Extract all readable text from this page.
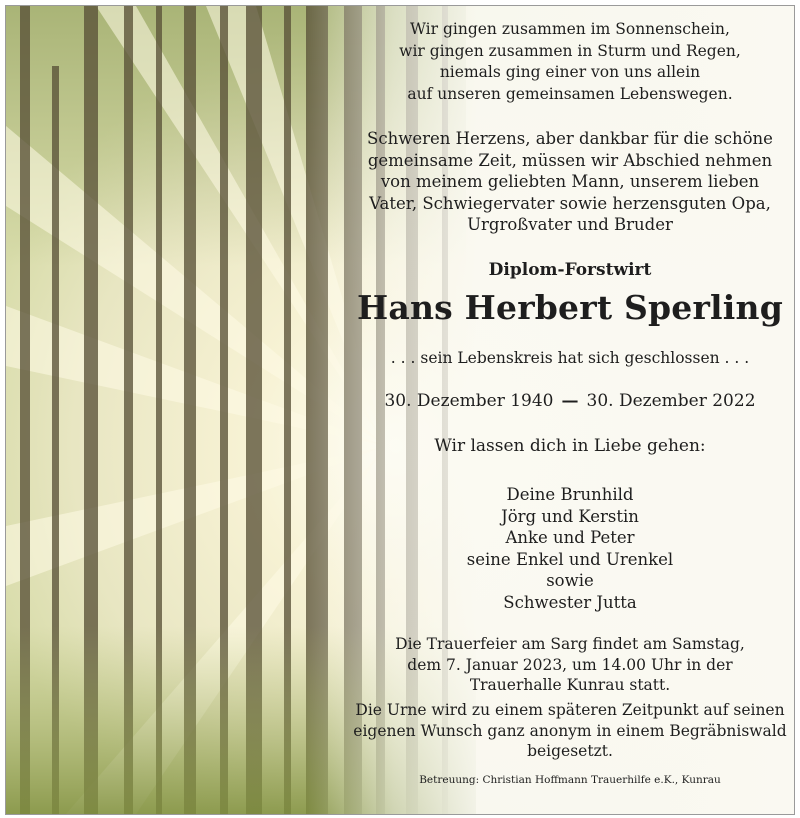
Wir gingen zusammen im Sonnenschein,
wir gingen zusammen in Sturm und Regen,
niemals ging einer von uns allein
auf unseren gemeinsamen Lebenswegen.
Schweren Herzens, aber dankbar für die schöne
gemeinsame Zeit, müssen wir Abschied nehmen
von meinem geliebten Mann, unserem lieben
Vater, Schwiegervater sowie herzensguten Opa,
Urgroßvater und Bruder
Diplom-Forstwirt
Hans Herbert Sperling
. . . sein Lebenskreis hat sich geschlossen . . .
30. Dezember 1940 — 30. Dezember 2022
Wir lassen dich in Liebe gehen:
Deine Brunhild
Jörg und Kerstin
Anke und Peter
seine Enkel und Urenkel
sowie
Schwester Jutta
Die Trauerfeier am Sarg findet am Samstag,
dem 7. Januar 2023, um 14.00 Uhr in der
Trauerhalle Kunrau statt.
Die Urne wird zu einem späteren Zeitpunkt auf seinen
eigenen Wunsch ganz anonym in einem Begräbniswald
beigesetzt.
Betreuung: Christian Hoffmann Trauerhilfe e.K., Kunrau
